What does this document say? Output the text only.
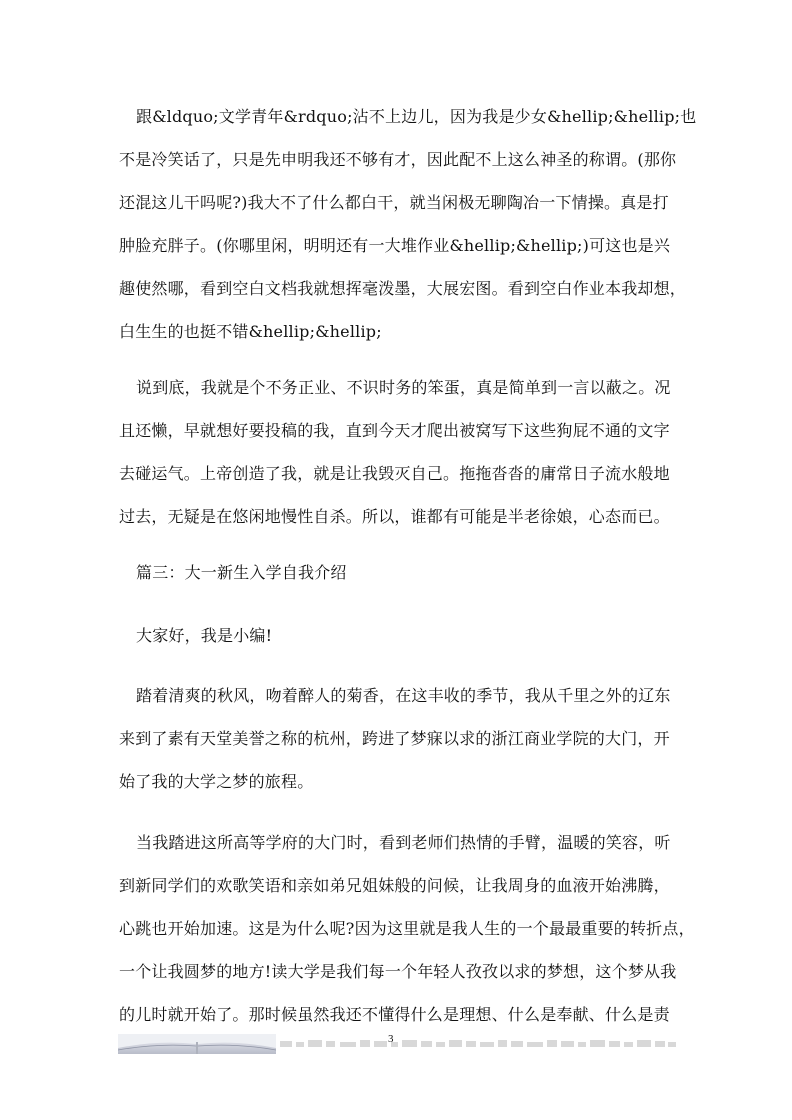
跟&ldquo;文学青年&rdquo;沾不上边儿，因为我是少女&hellip;&hellip;也
不是冷笑话了，只是先申明我还不够有才，因此配不上这么神圣的称谓。(那你
还混这儿干吗呢?)我大不了什么都白干，就当闲极无聊陶冶一下情操。真是打
肿脸充胖子。(你哪里闲，明明还有一大堆作业&hellip;&hellip;)可这也是兴
趣使然哪，看到空白文档我就想挥毫泼墨，大展宏图。看到空白作业本我却想，
白生生的也挺不错&hellip;&hellip;
说到底，我就是个不务正业、不识时务的笨蛋，真是简单到一言以蔽之。况
且还懒，早就想好要投稿的我，直到今天才爬出被窝写下这些狗屁不通的文字
去碰运气。上帝创造了我，就是让我毁灭自己。拖拖沓沓的庸常日子流水般地
过去，无疑是在悠闲地慢性自杀。所以，谁都有可能是半老徐娘，心态而已。
篇三：大一新生入学自我介绍
大家好，我是小编!
踏着清爽的秋风，吻着醉人的菊香，在这丰收的季节，我从千里之外的辽东
来到了素有天堂美誉之称的杭州，跨进了梦寐以求的浙江商业学院的大门，开
始了我的大学之梦的旅程。
当我踏进这所高等学府的大门时，看到老师们热情的手臂，温暖的笑容，听
到新同学们的欢歌笑语和亲如弟兄姐妹般的问候，让我周身的血液开始沸腾，
心跳也开始加速。这是为什么呢?因为这里就是我人生的一个最最重要的转折点，
一个让我圆梦的地方!读大学是我们每一个年轻人孜孜以求的梦想，这个梦从我
的儿时就开始了。那时候虽然我还不懂得什么是理想、什么是奉献、什么是责
3
